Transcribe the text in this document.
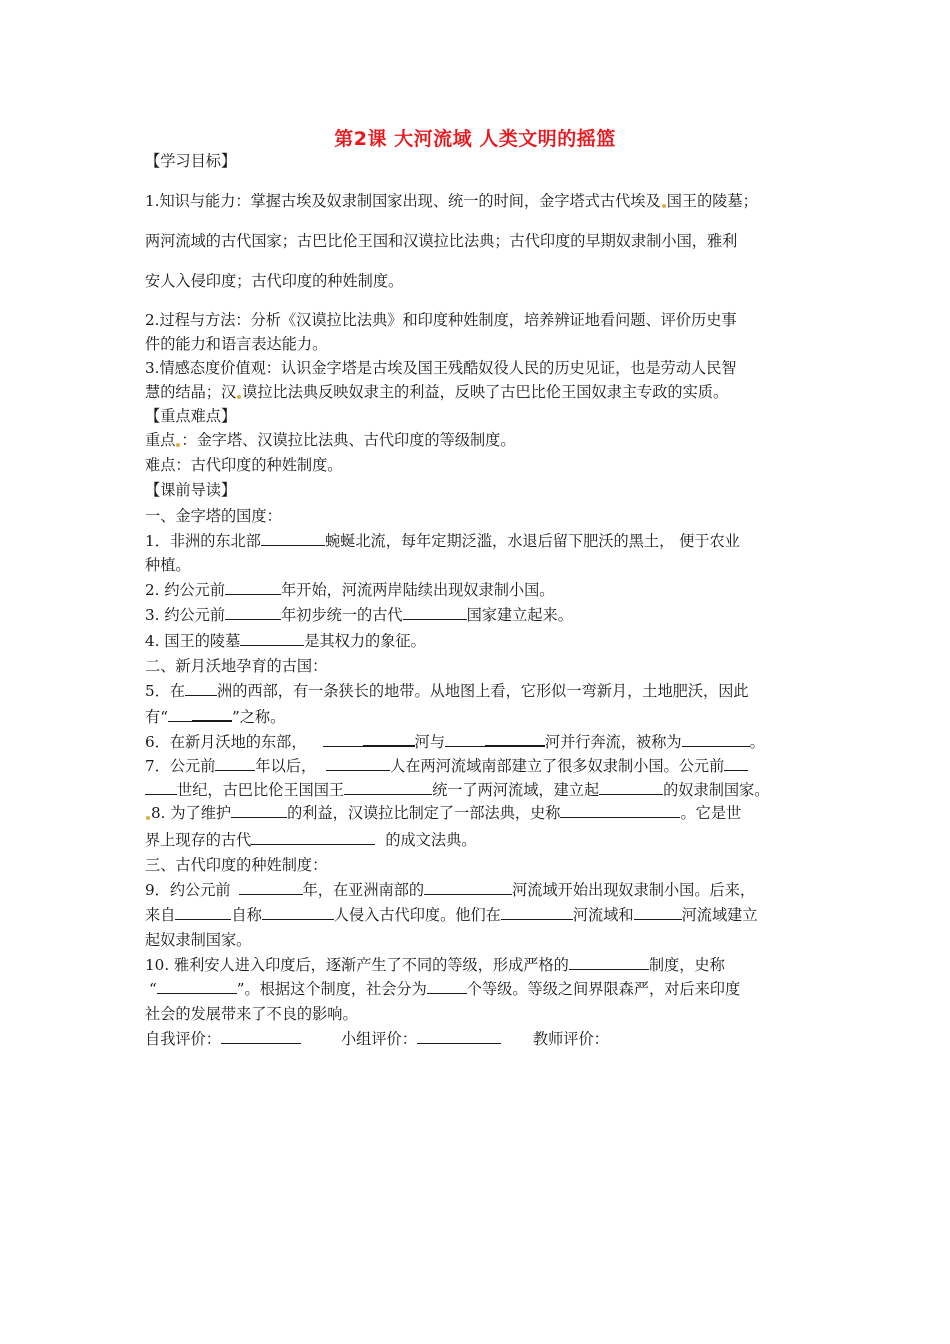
第2课 大河流域 人类文明的摇篮
【学习目标】
1.知识与能力：掌握古埃及奴隶制国家出现、统一的时间，金字塔式古代埃及 国王的陵墓；
两河流域的古代国家；古巴比伦王国和汉谟拉比法典；古代印度的早期奴隶制小国，雅利
安人入侵印度；古代印度的种姓制度。
2.过程与方法：分析《汉谟拉比法典》和印度种姓制度，培养辨证地看问题、评价历史事
件的能力和语言表达能力。
3.情感态度价值观：认识金字塔是古埃及国王残酷奴役人民的历史见证，也是劳动人民智
慧的结晶；汉 谟拉比法典反映奴隶主的利益，反映了古巴比伦王国奴隶主专政的实质。
【重点难点】
重点 ：金字塔、汉谟拉比法典、古代印度的等级制度。
难点：古代印度的种姓制度。
【课前导读】
一、金字塔的国度：
1．非洲的东北部	蜿蜒北流，每年定期泛滥，水退后留下肥沃的黑土， 便于农业
种植。
2. 约公元前	年开始，河流两岸陆续出现奴隶制小国。
3. 约公元前	年初步统一的古代	国家建立起来。
4. 国王的陵墓	是其权力的象征。
二、新月沃地孕育的古国：
5．在 洲的西部，有一条狭长的地带。从地图上看，它形似一弯新月，土地肥沃，因此
有“	”之称。
6．在新月沃地的东部，	河与	河并行奔流，被称为	。
7．公元前	年以后，	人在两河流域南部建立了很多奴隶制小国。公元前
世纪，古巴比伦王国国王	统一了两河流域，建立起	的奴隶制国家。
8. 为了维护	的利益，汉谟拉比制定了一部法典，史称	。它是世
界上现存的古代	的成文法典。
三、古代印度的种姓制度：
9．约公元前	年，在亚洲南部的	河流域开始出现奴隶制小国。后来，
来自	自称	人侵入古代印度。他们在	河流域和	河流域建立
起奴隶制国家。
10. 雅利安人进入印度后，逐渐产生了不同的等级，形成严格的	制度，史称
“	”。根据这个制度，社会分为	个等级。等级之间界限森严，对后来印度
社会的发展带来了不良的影响。
自我评价：	小组评价：	教师评价：
